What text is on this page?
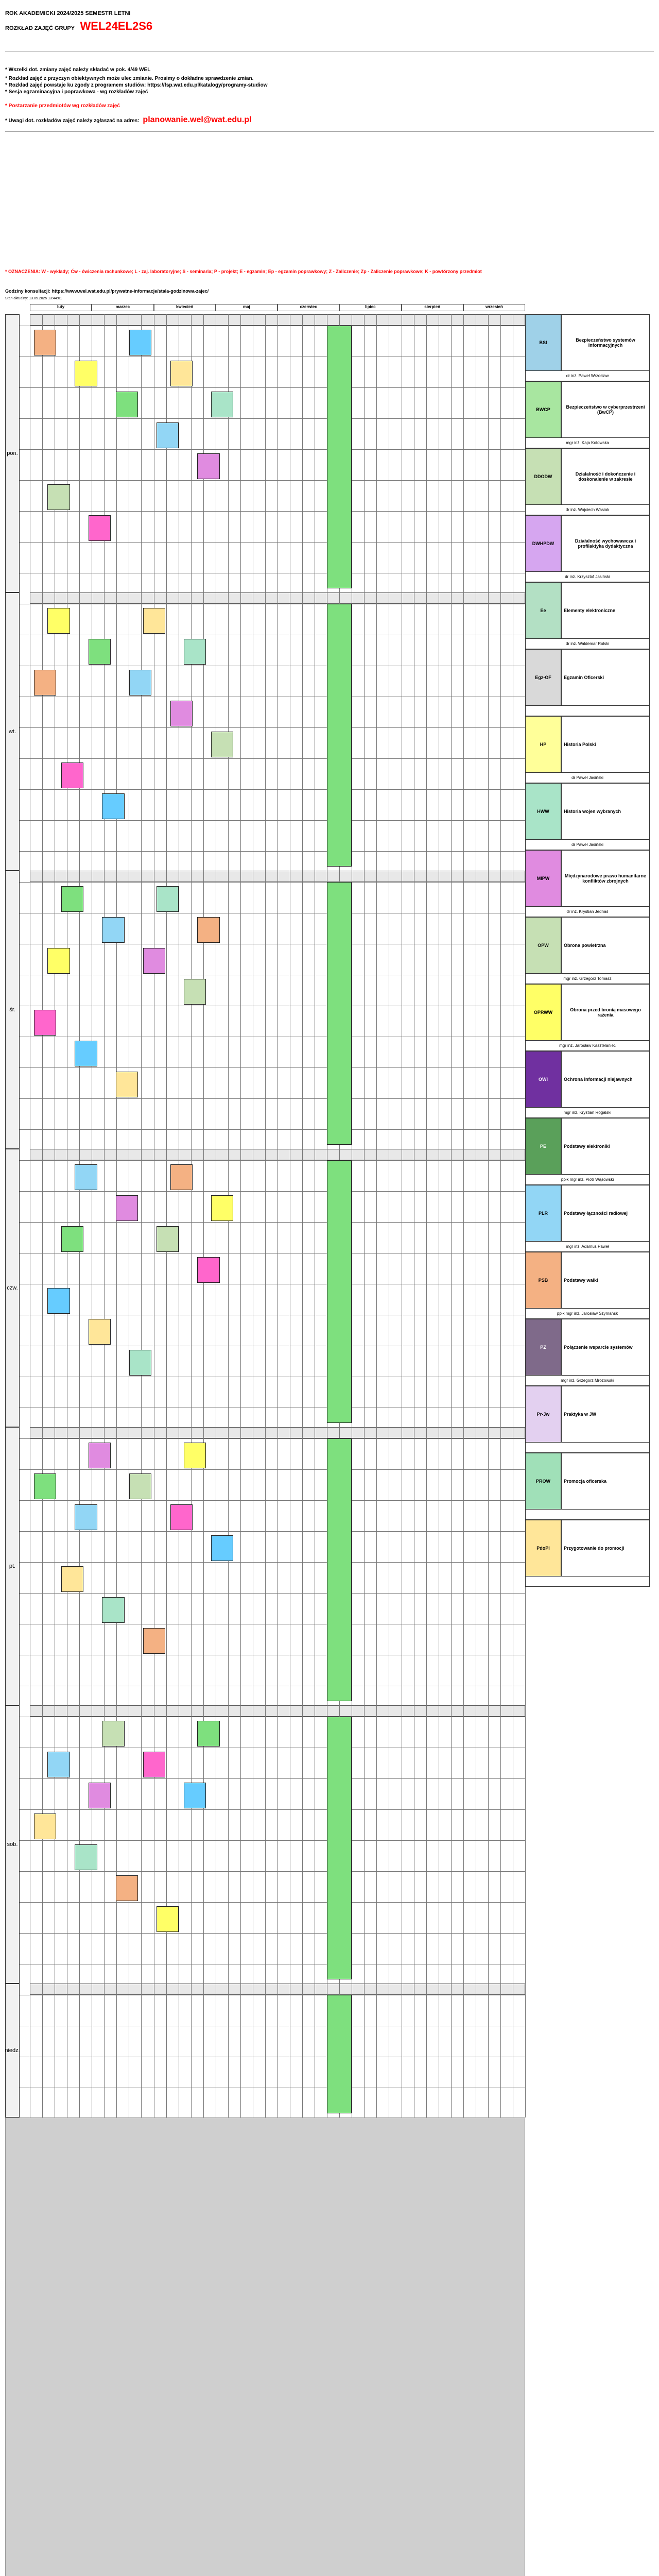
ROK AKADEMICKI 2024/2025 SEMESTR LETNI
ROZKŁAD ZAJĘĆ GRUPY WEL24EL2S6
* Wszelki dot. zmiany zajęć należy składać w pok. 4/49 WEL
* Rozkład zajęć z przyczyn obiektywnych może ulec zmianie. Prosimy o dokładne sprawdzenie zmian.
* Rozkład zajęć powstaje ku zgody z programem studiów: https://fsp.wat.edu.pl/katalogy/programy-studiow
* Sesja egzaminacyjna i poprawkowa - wg rozkładów zajęć
* Postarzanie przedmiotów wg rozkładów zajęć
* Uwagi dot. rozkładów zajęć należy zgłaszać na adres: planowanie.wel@wat.edu.pl
* OZNACZENIA: W - wykłady; Ćw - ćwiczenia rachunkowe; L - zaj. laboratoryjne; S - seminaria; P - projekt; E - egzamin; Ep - egzamin poprawkowy; Z - Zaliczenie; Zp - Zaliczenie poprawkowe; K - powtórzony przedmiot
Godziny konsultacji: https://www.wel.wat.edu.pl/prywatne-informacje/stala-godzinowa-zajec/
Stan aktualny: 13.05.2025 13:44:01
luty	marzec	kwiecień	maj	czerwiec	lipiec	sierpień	wrzesień
pon.
wt.
śr.
czw.
pt.
sob.
niedz.
BSI	Bezpieczeństwo systemów informacyjnych
dr inż. Paweł Wrzosław
BWCP	Bezpieczeństwo w cyberprzestrzeni (BwCP)
mgr inż. Kaja Kotowska
DDODW	Działalność i dokończenie i doskonalenie w zakresie
dr inż. Wojciech Wasiak
DWHPDW	Działalność wychowawcza i profilaktyka dydaktyczna
dr inż. Krzysztof Jasiński
Ee	Elementy elektroniczne
dr inż. Waldemar Rolski
Egz-OF	Egzamin Oficerski
HP	Historia Polski
dr Paweł Jasiński
HWW	Historia wojen wybranych
dr Paweł Jasiński
MIPW	Międzynarodowe prawo humanitarne konfliktów zbrojnych
dr inż. Krystian Jednaś
OPW	Obrona powietrzna
mgr inż. Grzegorz Tomasz
OPRWW	Obrona przed bronią masowego rażenia
mgr inż. Jarosław Kasztelaniec
OWI	Ochrona informacji niejawnych
mgr inż. Krystian Rogalski
PE	Podstawy elektroniki
ppłk mgr inż. Piotr Wąsowski
PLR	Podstawy łączności radiowej
mgr inż. Adamus Paweł
PSB	Podstawy walki
ppłk mgr inż. Jarosław Szymańsk
PZ	Połączenie wsparcie systemów
mgr inż. Grzegorz Mrozowski
Pr-Jw	Praktyka w JW
PROW	Promocja oficerska
PdoPI	Przygotowanie do promocji
